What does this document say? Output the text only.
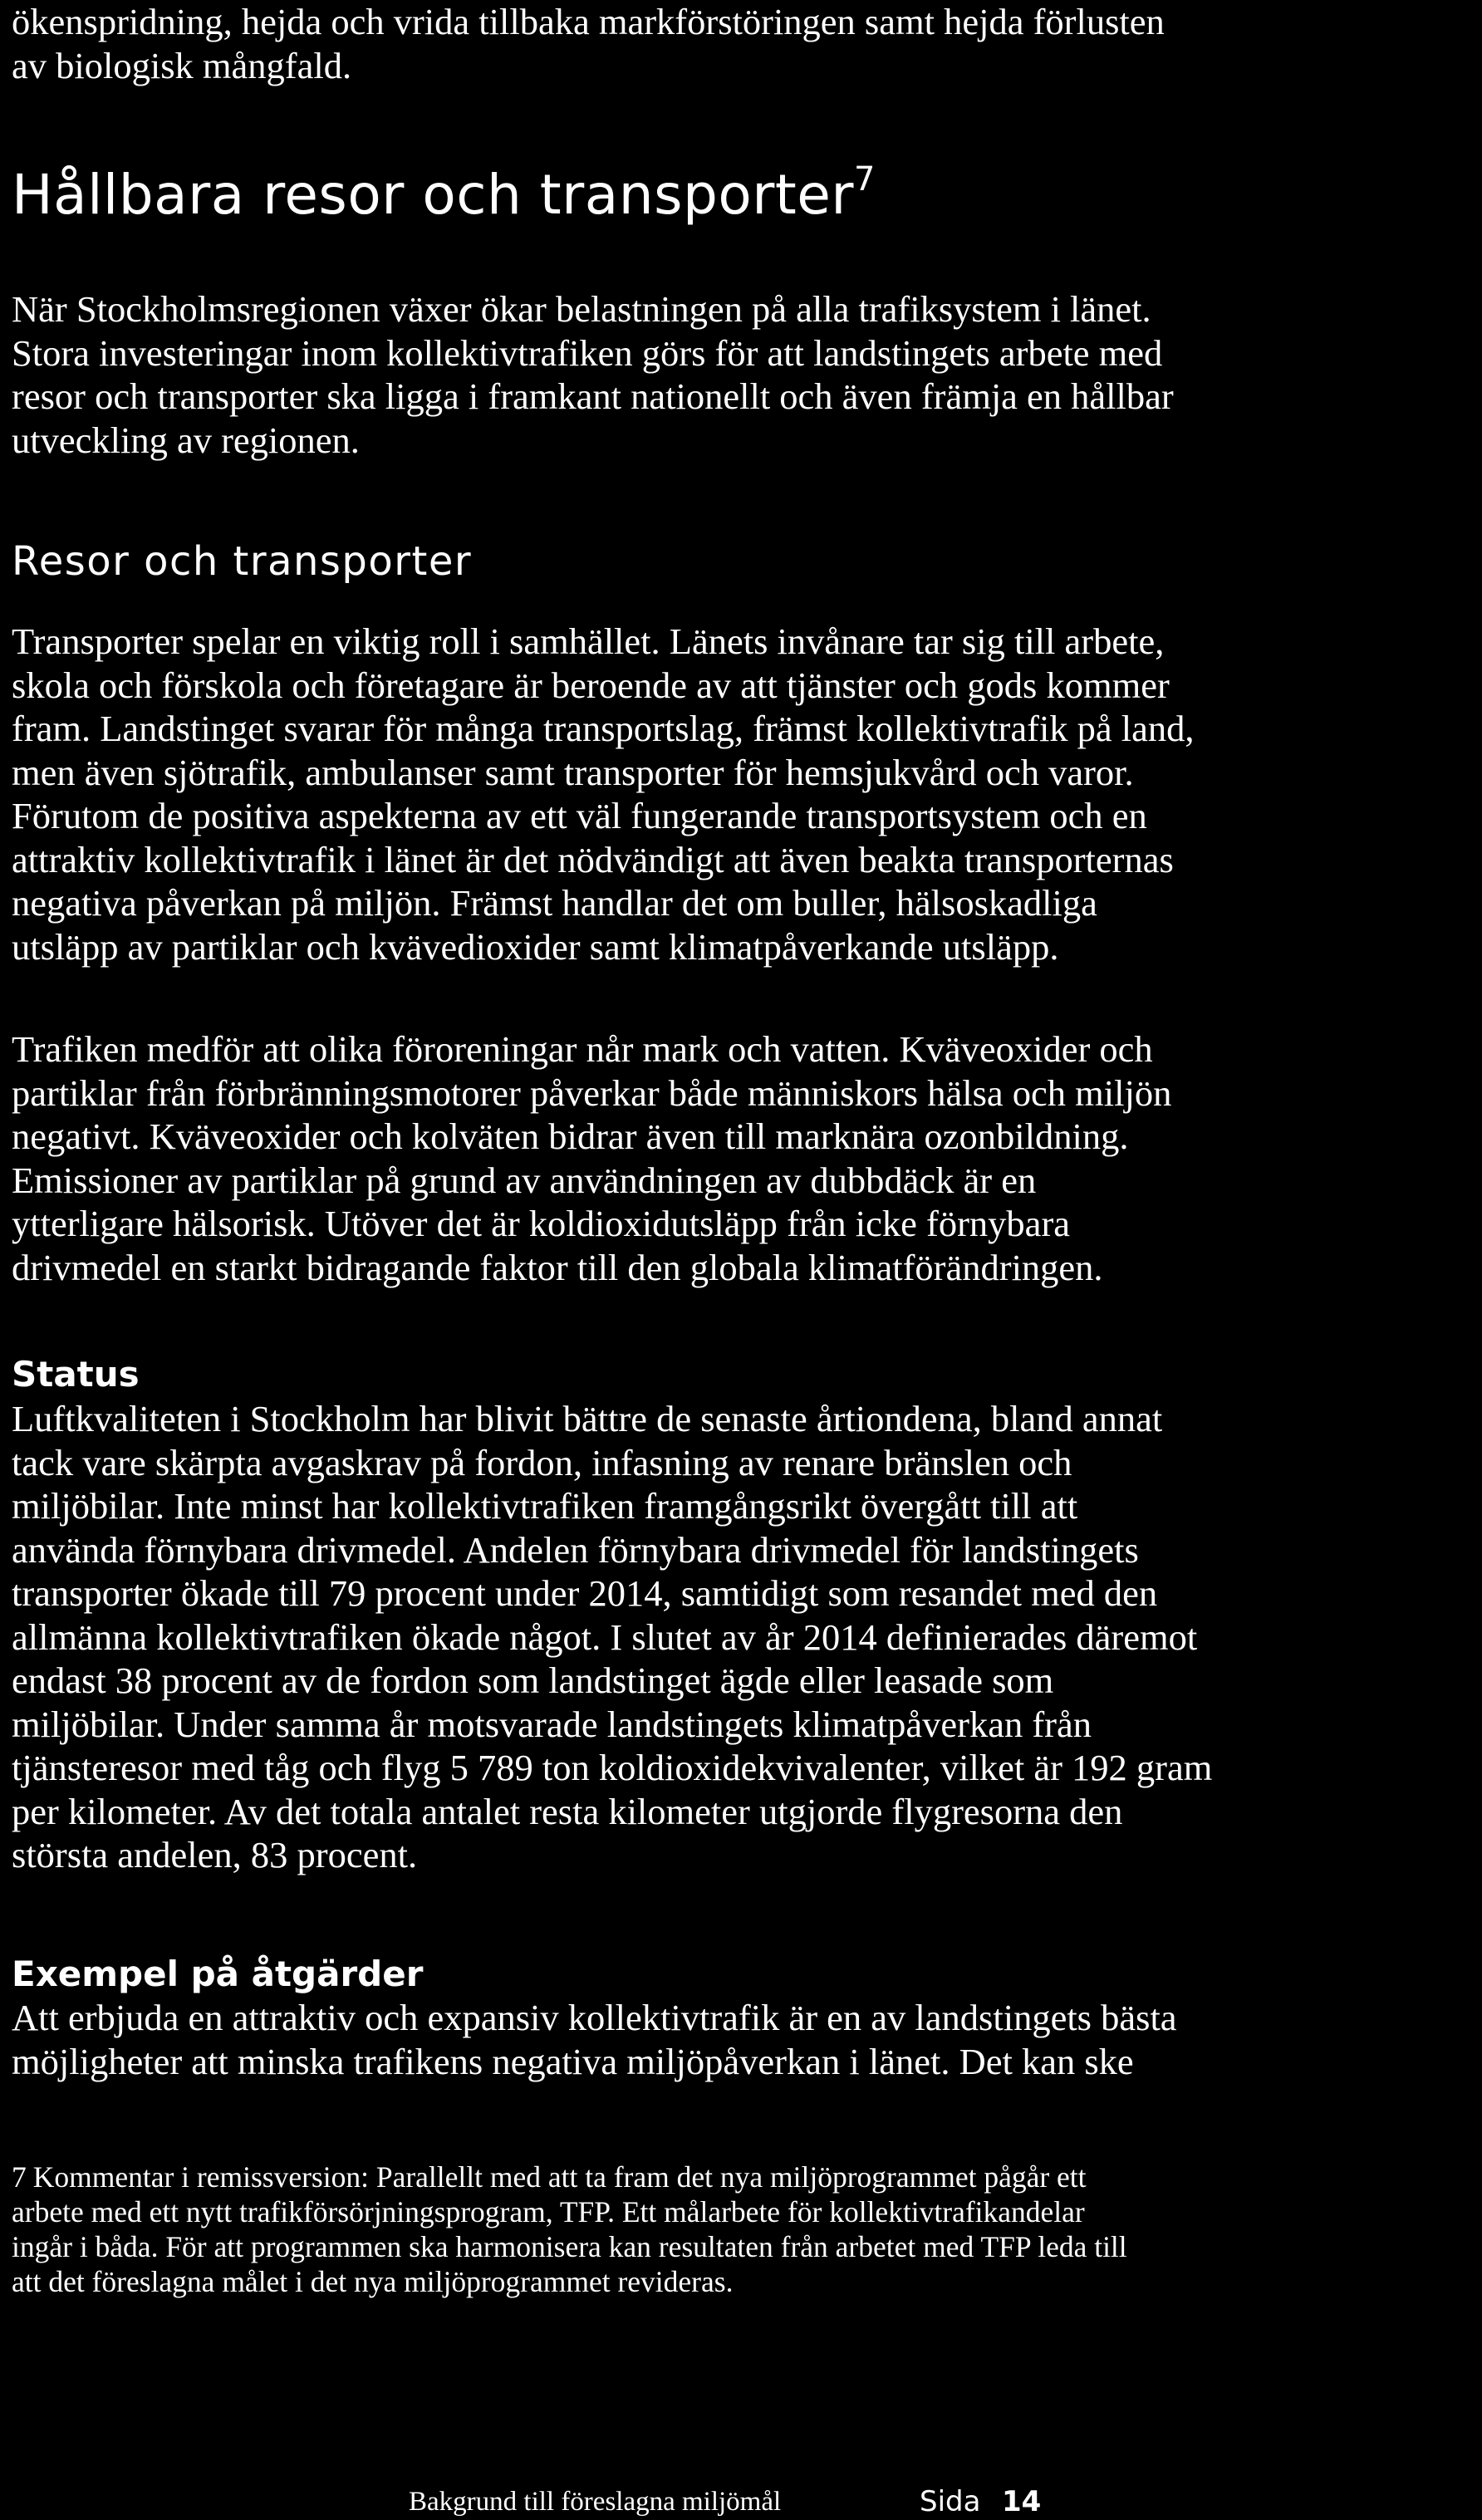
ökenspridning, hejda och vrida tillbaka markförstöringen samt hejda förlusten
av biologisk mångfald.

Hållbara resor och transporter$^7$

När Stockholmsregionen växer ökar belastningen på alla trafiksystem i länet.
Stora investeringar inom kollektivtrafiken görs för att landstingets arbete med
resor och transporter ska ligga i framkant nationellt och även främja en hållbar
utveckling av regionen.

Resor och transporter

Transporter spelar en viktig roll i samhället. Länets invånare tar sig till arbete,
skola och förskola och företagare är beroende av att tjänster och gods kommer
fram. Landstinget svarar för många transportslag, främst kollektivtrafik på land,
men även sjötrafik, ambulanser samt transporter för hemsjukvård och varor.
Förutom de positiva aspekterna av ett väl fungerande transportsystem och en
attraktiv kollektivtrafik i länet är det nödvändigt att även beakta transporternas
negativa påverkan på miljön. Främst handlar det om buller, hälsoskadliga
utsläpp av partiklar och kvävedioxider samt klimatpåverkande utsläpp.

Trafiken medför att olika föroreningar når mark och vatten. Kväveoxider och
partiklar från förbränningsmotorer påverkar både människors hälsa och miljön
negativt. Kväveoxider och kolväten bidrar även till marknära ozonbildning.
Emissioner av partiklar på grund av användningen av dubbdäck är en
ytterligare hälsorisk. Utöver det är koldioxidutsläpp från icke förnybara
drivmedel en starkt bidragande faktor till den globala klimatförändringen.

Status

Luftkvaliteten i Stockholm har blivit bättre de senaste årtiondena, bland annat
tack vare skärpta avgaskrav på fordon, infasning av renare bränslen och
miljöbilar. Inte minst har kollektivtrafiken framgångsrikt övergått till att
använda förnybara drivmedel. Andelen förnybara drivmedel för landstingets
transporter ökade till 79 procent under 2014, samtidigt som resandet med den
allmänna kollektivtrafiken ökade något. I slutet av år 2014 definierades däremot
endast 38 procent av de fordon som landstinget ägde eller leasade som
miljöbilar. Under samma år motsvarade landstingets klimatpåverkan från
tjänsteresor med tåg och flyg 5 789 ton koldioxidekvivalenter, vilket är 192 gram
per kilometer. Av det totala antalet resta kilometer utgjorde flygresorna den
största andelen, 83 procent.

Exempel på åtgärder

Att erbjuda en attraktiv och expansiv kollektivtrafik är en av landstingets bästa
möjligheter att minska trafikens negativa miljöpåverkan i länet. Det kan ske

7 Kommentar i remissversion: Parallellt med att ta fram det nya miljöprogrammet pågår ett
arbete med ett nytt trafikförsörjningsprogram, TFP. Ett målarbete för kollektivtrafikandelar
ingår i båda. För att programmen ska harmonisera kan resultaten från arbetet med TFP leda till
att det föreslagna målet i det nya miljöprogrammet revideras.

Bakgrund till föreslagna miljömål	Sida 14
